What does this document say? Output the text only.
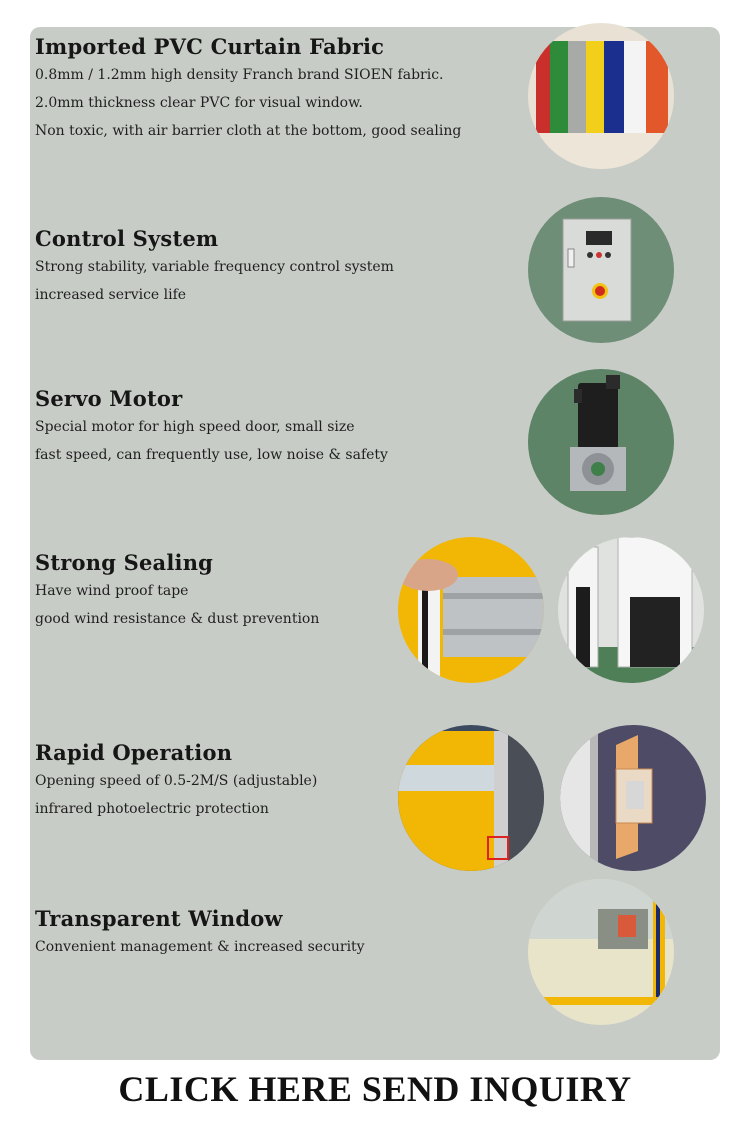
Imported PVC Curtain Fabric

0.8mm / 1.2mm high density Franch brand SIOEN fabric.

2.0mm thickness clear PVC for visual window.

Non toxic, with air barrier cloth at the bottom, good sealing

Control System

Strong stability, variable frequency control system

increased service life

Servo Motor

Special motor for high speed door, small size

fast speed, can frequently use, low noise & safety

Strong Sealing

Have wind proof tape

good wind resistance & dust prevention

Rapid Operation

Opening speed of 0.5-2M/S (adjustable)

infrared photoelectric protection

Transparent Window

Convenient management & increased security

CLICK HERE SEND INQUIRY
